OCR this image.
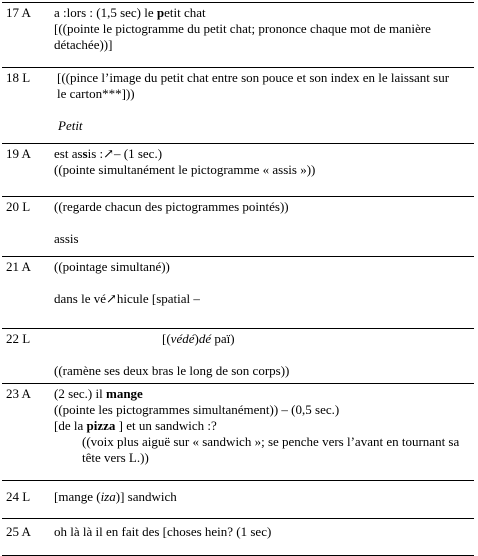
17 A a :lors : (1,5 sec) le petit chat
[((pointe le pictogramme du petit chat; prononce chaque mot de manière détachée))]
18 L [((pince l’image du petit chat entre son pouce et son index en le laissant sur le carton***]))
Petit
19 A est assis :↗– (1 sec.)
((pointe simultanément le pictogramme « assis »))
20 L ((regarde chacun des pictogrammes pointés))
assis
21 A ((pointage simultané))
dans le vé↗hicule [spatial –
22 L	[(védé)dé paï)
((ramène ses deux bras le long de son corps))
23 A (2 sec.) il mange
((pointe les pictogrammes simultanément)) – (0,5 sec.)
[de la pizza ] et un sandwich :?
((voix plus aiguë sur « sandwich »; se penche vers l’avant en tournant sa tête vers L.))
24 L [mange (iza)] sandwich
25 A oh là là il en fait des [choses hein? (1 sec)
